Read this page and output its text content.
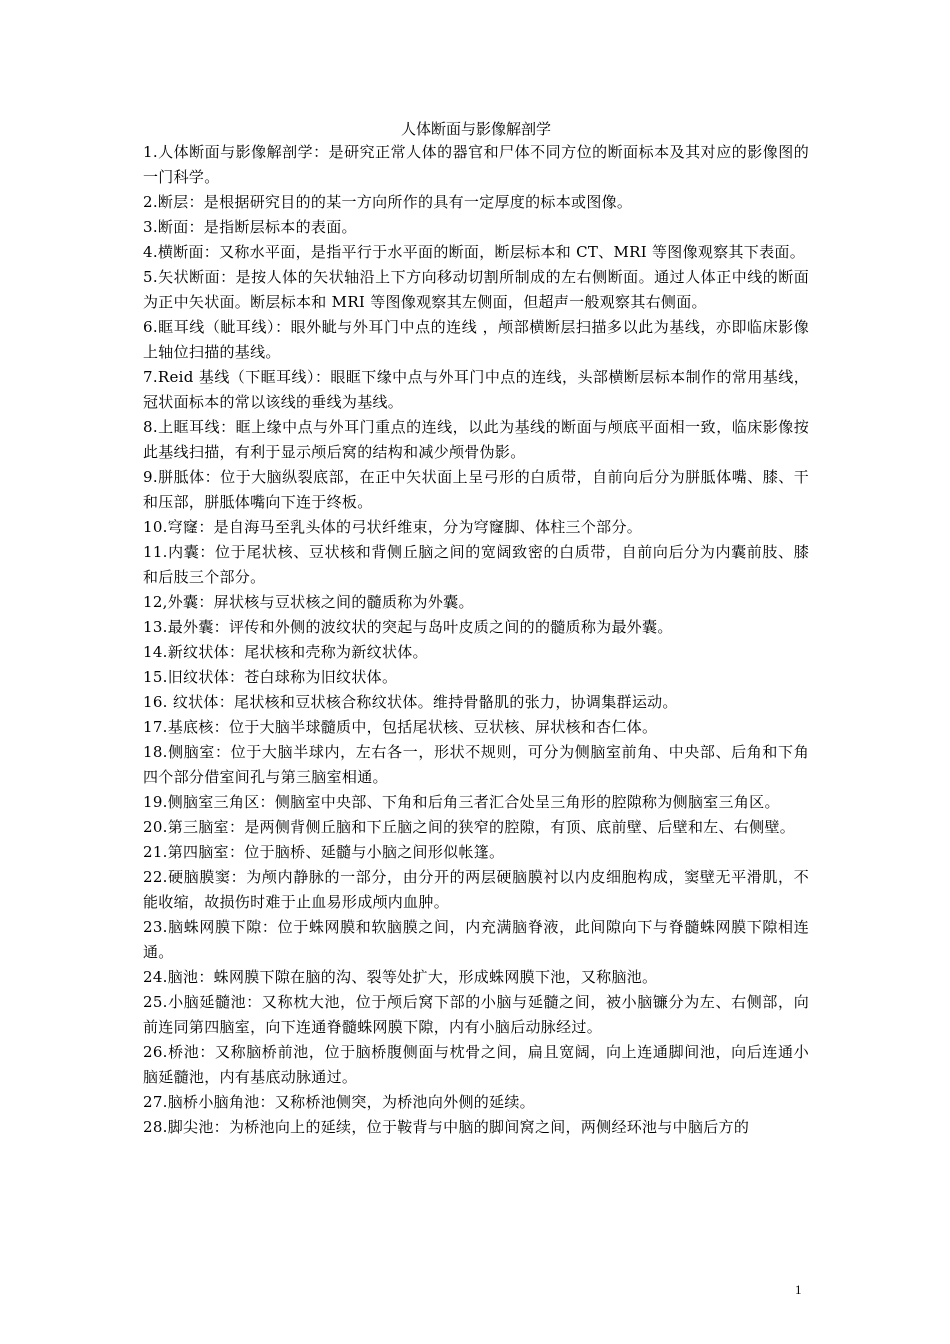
人体断面与影像解剖学

1.人体断面与影像解剖学：是研究正常人体的器官和尸体不同方位的断面标本及其对应的影像图的一门科学。

2.断层：是根据研究目的的某一方向所作的具有一定厚度的标本或图像。

3.断面：是指断层标本的表面。

4.横断面：又称水平面，是指平行于水平面的断面，断层标本和 CT、MRI 等图像观察其下表面。

5.矢状断面：是按人体的矢状轴沿上下方向移动切割所制成的左右侧断面。通过人体正中线的断面为正中矢状面。断层标本和 MRI 等图像观察其左侧面，但超声一般观察其右侧面。

6.眶耳线（眦耳线）：眼外眦与外耳门中点的连线 ，颅部横断层扫描多以此为基线，亦即临床影像上轴位扫描的基线。

7.Reid 基线（下眶耳线）：眼眶下缘中点与外耳门中点的连线，头部横断层标本制作的常用基线，冠状面标本的常以该线的垂线为基线。

8.上眶耳线：眶上缘中点与外耳门重点的连线，以此为基线的断面与颅底平面相一致，临床影像按此基线扫描，有利于显示颅后窝的结构和减少颅骨伪影。

9.胼胝体：位于大脑纵裂底部，在正中矢状面上呈弓形的白质带，自前向后分为胼胝体嘴、膝、干和压部，胼胝体嘴向下连于终板。

10.穹窿：是自海马至乳头体的弓状纤维束，分为穹窿脚、体柱三个部分。

11.内囊：位于尾状核、豆状核和背侧丘脑之间的宽阔致密的白质带，自前向后分为内囊前肢、膝和后肢三个部分。

12,外囊：屏状核与豆状核之间的髓质称为外囊。

13.最外囊：评传和外侧的波纹状的突起与岛叶皮质之间的的髓质称为最外囊。

14.新纹状体：尾状核和壳称为新纹状体。

15.旧纹状体：苍白球称为旧纹状体。

16. 纹状体：尾状核和豆状核合称纹状体。维持骨骼肌的张力，协调集群运动。

17.基底核：位于大脑半球髓质中，包括尾状核、豆状核、屏状核和杏仁体。

18.侧脑室：位于大脑半球内，左右各一，形状不规则，可分为侧脑室前角、中央部、后角和下角四个部分借室间孔与第三脑室相通。

19.侧脑室三角区：侧脑室中央部、下角和后角三者汇合处呈三角形的腔隙称为侧脑室三角区。

20.第三脑室：是两侧背侧丘脑和下丘脑之间的狭窄的腔隙，有顶、底前壁、后壁和左、右侧壁。

21.第四脑室：位于脑桥、延髓与小脑之间形似帐篷。

22.硬脑膜窦：为颅内静脉的一部分，由分开的两层硬脑膜衬以内皮细胞构成，窦壁无平滑肌，不能收缩，故损伤时难于止血易形成颅内血肿。

23.脑蛛网膜下隙：位于蛛网膜和软脑膜之间，内充满脑脊液，此间隙向下与脊髓蛛网膜下隙相连通。

24.脑池：蛛网膜下隙在脑的沟、裂等处扩大，形成蛛网膜下池，又称脑池。

25.小脑延髓池：又称枕大池，位于颅后窝下部的小脑与延髓之间，被小脑镰分为左、右侧部，向前连同第四脑室，向下连通脊髓蛛网膜下隙，内有小脑后动脉经过。

26.桥池：又称脑桥前池，位于脑桥腹侧面与枕骨之间，扁且宽阔，向上连通脚间池，向后连通小脑延髓池，内有基底动脉通过。

27.脑桥小脑角池：又称桥池侧突，为桥池向外侧的延续。

28.脚尖池：为桥池向上的延续，位于鞍背与中脑的脚间窝之间，两侧经环池与中脑后方的

1
